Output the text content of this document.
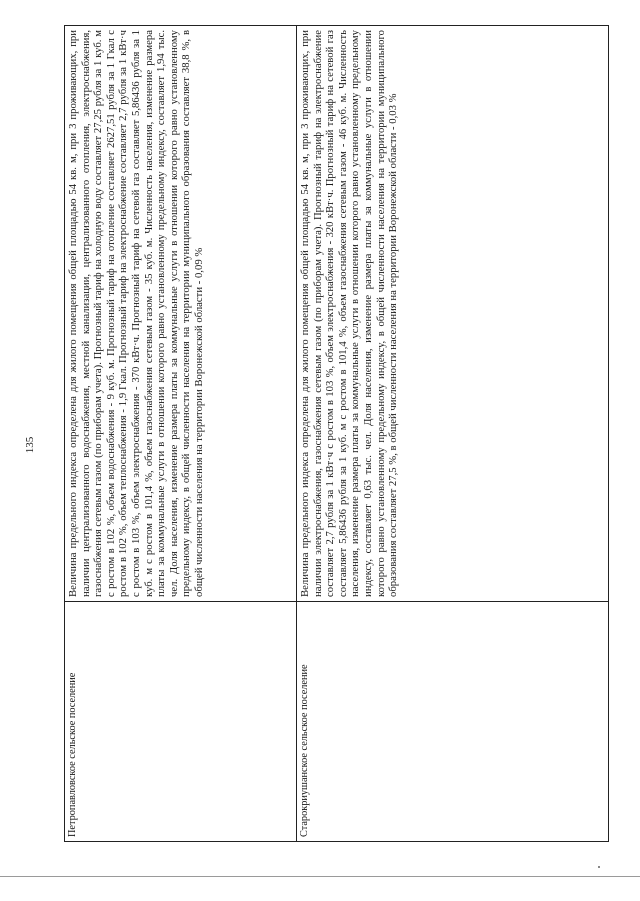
135
Петропавловское сельское поселение	Величина предельного индекса определена для жилого помещения общей площадью 54 кв. м, при 3 проживающих, при наличии централизованного водоснабжения, местной канализации, централизованного отопления, электроснабжения, газоснабжения сетевым газом (по приборам учета). Прогнозный тариф на холодную воду составляет 27,25 рубля за 1 куб. м с ростом в 102 %, объем водоснабжения - 9 куб. м. Прогнозный тариф на отопление составляет 2627,51 рубля за 1 Гкал с ростом в 102 %, объем теплоснабжения - 1,9 Гкал. Прогнозный тариф на электроснабжение составляет 2,7 рубля за 1 кВт·ч с ростом в 103 %, объем электроснабжения - 370 кВт·ч. Прогнозный тариф на сетевой газ составляет 5,86436 рубля за 1 куб. м с ростом в 101,4 %, объем газоснабжения сетевым газом - 35 куб. м. Численность населения, изменение размера платы за коммунальные услуги в отношении которого равно установленному предельному индексу, составляет 1,94 тыс. чел. Доля населения, изменение размера платы за коммунальные услуги в отношении которого равно установленному предельному индексу, в общей численности населения на территории муниципального образования составляет 38,8 %, в общей численности населения на территории Воронежской области - 0,09 %
Старокриушанское сельское поселение	Величина предельного индекса определена для жилого помещения общей площадью 54 кв. м, при 3 проживающих, при наличии электроснабжения, газоснабжения сетевым газом (по приборам учета). Прогнозный тариф на электроснабжение составляет 2,7 рубля за 1 кВт·ч с ростом в 103 %, объем электроснабжения - 320 кВт·ч. Прогнозный тариф на сетевой газ составляет 5,86436 рубля за 1 куб. м с ростом в 101,4 %, объем газоснабжения сетевым газом - 46 куб. м. Численность населения, изменение размера платы за коммунальные услуги в отношении которого равно установленному предельному индексу, составляет 0,63 тыс. чел. Доля населения, изменение размера платы за коммунальные услуги в отношении которого равно установленному предельному индексу, в общей численности населения на территории муниципального образования составляет 27,5 %, в общей численности населения на территории Воронежской области - 0,03 %
